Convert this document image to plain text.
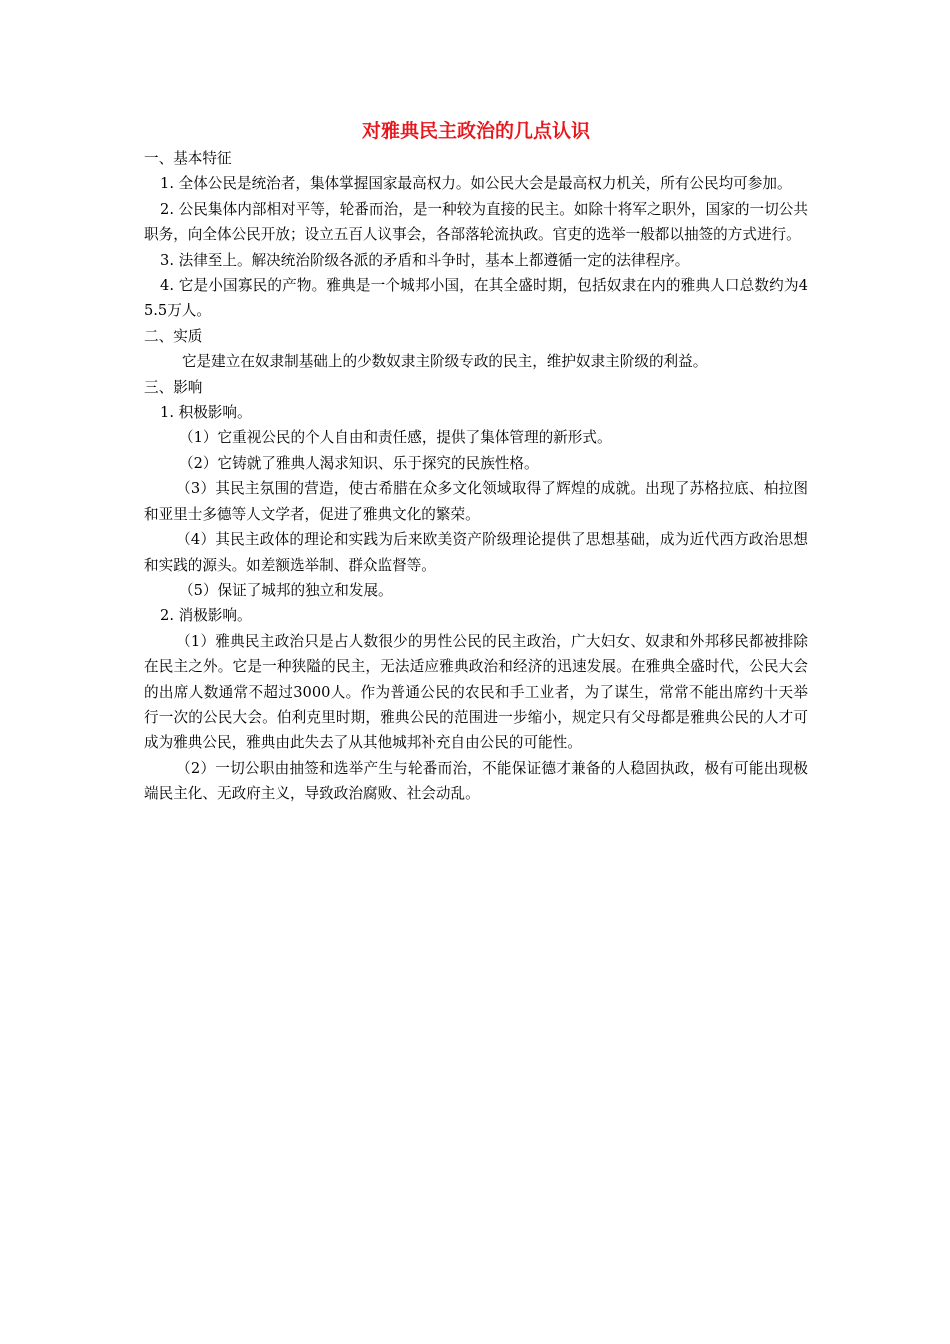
对雅典民主政治的几点认识

一、基本特征

1. 全体公民是统治者，集体掌握国家最高权力。如公民大会是最高权力机关，所有公民均可参加。

2. 公民集体内部相对平等，轮番而治，是一种较为直接的民主。如除十将军之职外，国家的一切公共职务，向全体公民开放；设立五百人议事会，各部落轮流执政。官吏的选举一般都以抽签的方式进行。

3. 法律至上。解决统治阶级各派的矛盾和斗争时，基本上都遵循一定的法律程序。

4. 它是小国寡民的产物。雅典是一个城邦小国，在其全盛时期，包括奴隶在内的雅典人口总数约为45.5万人。

二、实质

它是建立在奴隶制基础上的少数奴隶主阶级专政的民主，维护奴隶主阶级的利益。

三、影响

1. 积极影响。

（1）它重视公民的个人自由和责任感，提供了集体管理的新形式。

（2）它铸就了雅典人渴求知识、乐于探究的民族性格。

（3）其民主氛围的营造，使古希腊在众多文化领域取得了辉煌的成就。出现了苏格拉底、柏拉图和亚里士多德等人文学者，促进了雅典文化的繁荣。

（4）其民主政体的理论和实践为后来欧美资产阶级理论提供了思想基础，成为近代西方政治思想和实践的源头。如差额选举制、群众监督等。

（5）保证了城邦的独立和发展。

2. 消极影响。

（1）雅典民主政治只是占人数很少的男性公民的民主政治，广大妇女、奴隶和外邦移民都被排除在民主之外。它是一种狭隘的民主，无法适应雅典政治和经济的迅速发展。在雅典全盛时代，公民大会的出席人数通常不超过3000人。作为普通公民的农民和手工业者，为了谋生，常常不能出席约十天举行一次的公民大会。伯利克里时期，雅典公民的范围进一步缩小，规定只有父母都是雅典公民的人才可成为雅典公民，雅典由此失去了从其他城邦补充自由公民的可能性。

（2）一切公职由抽签和选举产生与轮番而治，不能保证德才兼备的人稳固执政，极有可能出现极端民主化、无政府主义，导致政治腐败、社会动乱。
